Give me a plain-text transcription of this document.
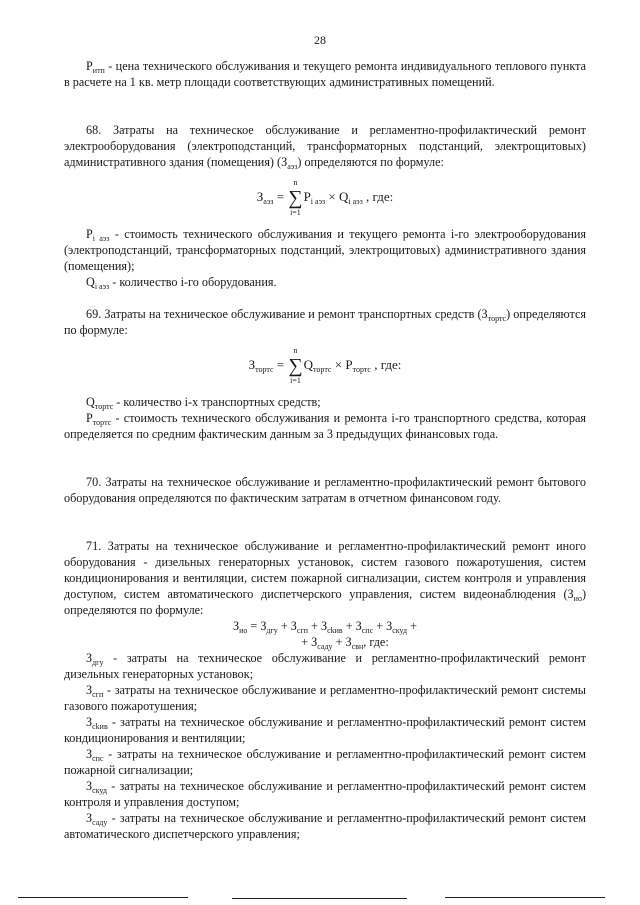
28

$P_{итп}$ - цена технического обслуживания и текущего ремонта индивидуального теплового пункта в расчете на 1 кв. метр площади соответствующих административных помещений.

68. Затраты на техническое обслуживание и регламентно-профилактический ремонт электрооборудования (электроподстанций, трансформаторных подстанций, электрощитовых) административного здания (помещения) $(З_{аэз})$ определяются по формуле:

$З_{аэз}$ =
n
∑
i=1
$P_{i аэз} \times Q_{i аэз}$ , где:

$P_{i аэз}$ - стоимость технического обслуживания и текущего ремонта i-го электрооборудования (электроподстанций, трансформаторных подстанций, электрощитовых) административного здания (помещения);

$Q_{i аэз}$ - количество i-го оборудования.

69. Затраты на техническое обслуживание и ремонт транспортных средств $(З_{тортс})$ определяются по формуле:

$З_{тортс}$ =
n
∑
i=1
$Q_{тортс} \times P_{тортс}$ , где:

$Q_{тортс}$ - количество i-х транспортных средств;

$P_{тортс}$ - стоимость технического обслуживания и ремонта i-го транспортного средства, которая определяется по средним фактическим данным за 3 предыдущих финансовых года.

70. Затраты на техническое обслуживание и регламентно-профилактический ремонт бытового оборудования определяются по фактическим затратам в отчетном финансовом году.

71. Затраты на техническое обслуживание и регламентно-профилактический ремонт иного оборудования - дизельных генераторных установок, систем газового пожаротушения, систем кондиционирования и вентиляции, систем пожарной сигнализации, систем контроля и управления доступом, систем автоматического диспетчерского управления, систем видеонаблюдения $(З_{ио})$ определяются по формуле:

$З_{ио} = З_{дгу} + З_{сгп} + З_{сkив} + З_{спс} + З_{скуд}$ +

+ $З_{саду} + З_{свн}$, где:

$З_{дгу}$ - затраты на техническое обслуживание и регламентно-профилактический ремонт дизельных генераторных установок;

$З_{сгп}$ - затраты на техническое обслуживание и регламентно-профилактический ремонт системы газового пожаротушения;

$З_{сkив}$ - затраты на техническое обслуживание и регламентно-профилактический ремонт систем кондиционирования и вентиляции;

$З_{спс}$ - затраты на техническое обслуживание и регламентно-профилактический ремонт систем пожарной сигнализации;

$З_{скуд}$ - затраты на техническое обслуживание и регламентно-профилактический ремонт систем контроля и управления доступом;

$З_{саду}$ - затраты на техническое обслуживание и регламентно-профилактический ремонт систем автоматического диспетчерского управления;
